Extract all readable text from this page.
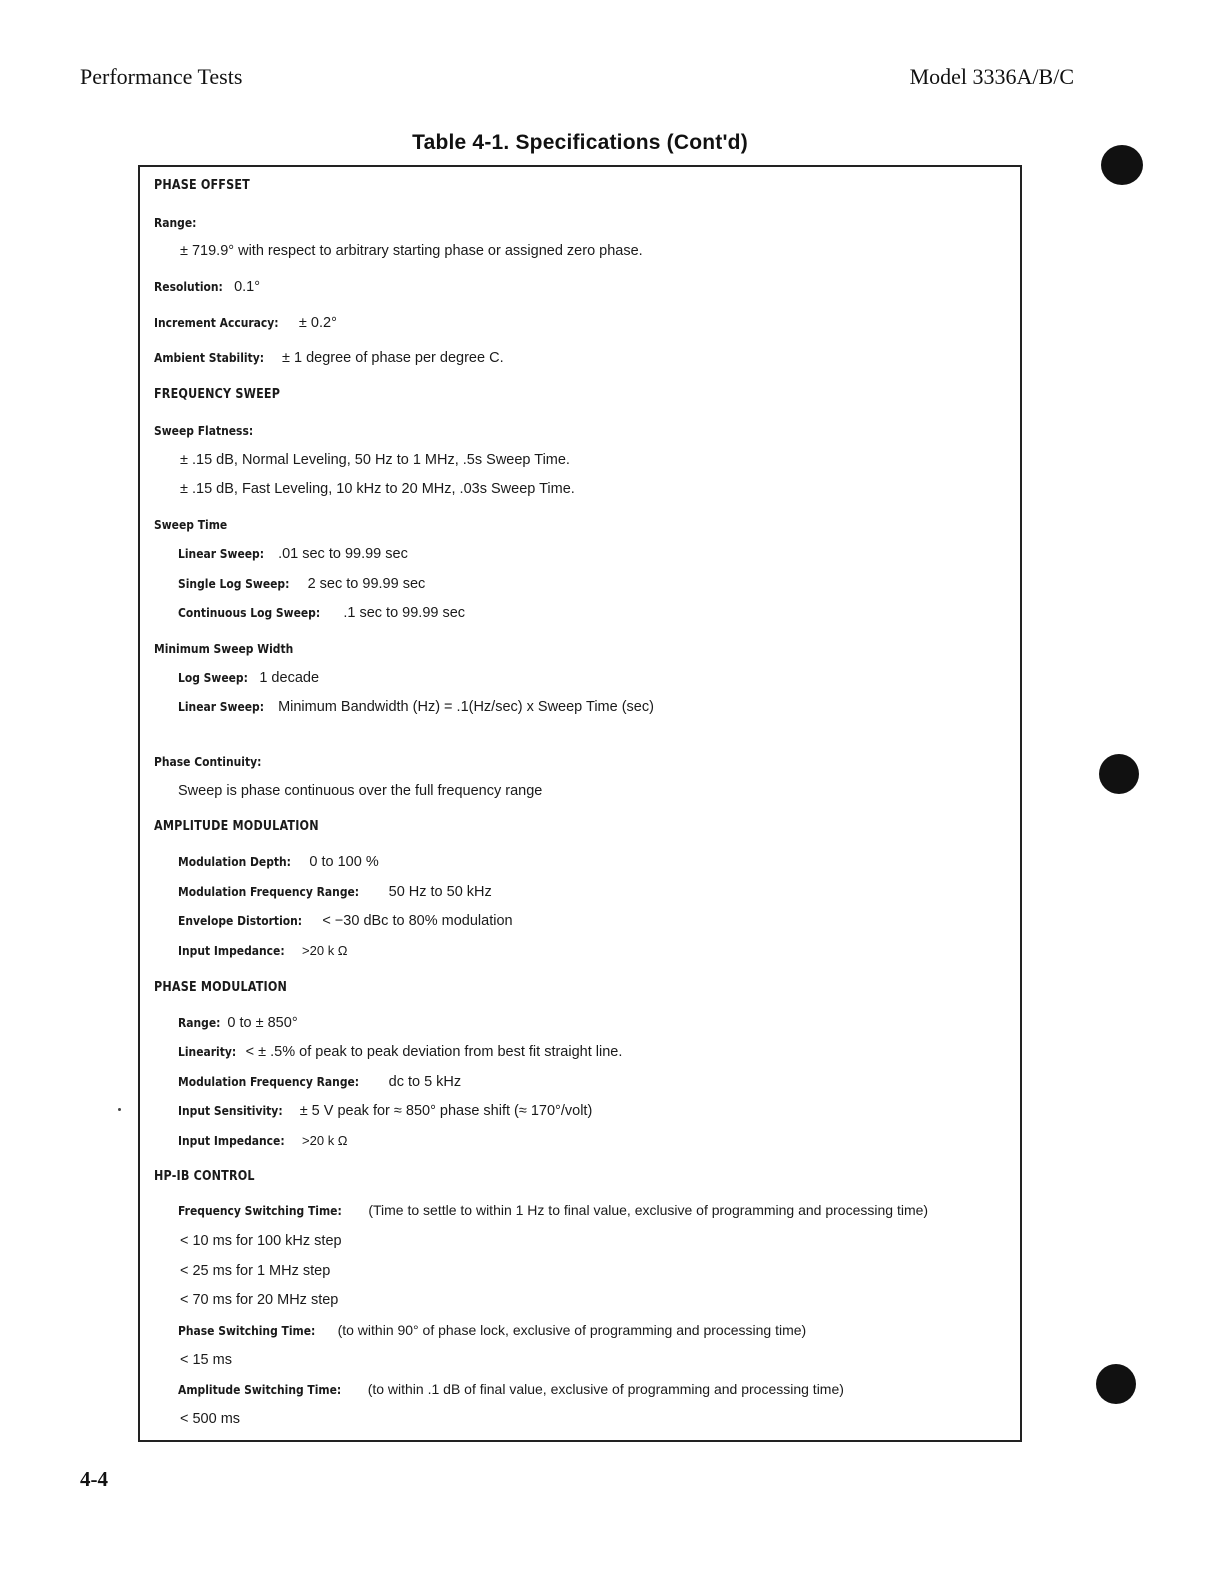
Performance Tests	Model 3336A/B/C
Table 4-1. Specifications (Cont'd)
PHASE OFFSET
Range:
± 719.9° with respect to arbitrary starting phase or assigned zero phase.
Resolution: 0.1°
Increment Accuracy: ± 0.2°
Ambient Stability: ± 1 degree of phase per degree C.
FREQUENCY SWEEP
Sweep Flatness:
± .15 dB, Normal Leveling, 50 Hz to 1 MHz, .5s Sweep Time.
± .15 dB, Fast Leveling, 10 kHz to 20 MHz, .03s Sweep Time.
Sweep Time
Linear Sweep: .01 sec to 99.99 sec
Single Log Sweep: 2 sec to 99.99 sec
Continuous Log Sweep: .1 sec to 99.99 sec
Minimum Sweep Width
Log Sweep: 1 decade
Linear Sweep: Minimum Bandwidth (Hz) = .1(Hz/sec) x Sweep Time (sec)
Phase Continuity:
Sweep is phase continuous over the full frequency range
AMPLITUDE MODULATION
Modulation Depth: 0 to 100 %
Modulation Frequency Range: 50 Hz to 50 kHz
Envelope Distortion: < −30 dBc to 80% modulation
Input Impedance: >20 k Ω
PHASE MODULATION
Range: 0 to ± 850°
Linearity: < ± .5% of peak to peak deviation from best fit straight line.
Modulation Frequency Range: dc to 5 kHz
Input Sensitivity: ± 5 V peak for ≈ 850° phase shift (≈ 170°/volt)
Input Impedance: >20 k Ω
HP-IB CONTROL
Frequency Switching Time: (Time to settle to within 1 Hz to final value, exclusive of programming and processing time)
< 10 ms for 100 kHz step
< 25 ms for 1 MHz step
< 70 ms for 20 MHz step
Phase Switching Time: (to within 90° of phase lock, exclusive of programming and processing time)
< 15 ms
Amplitude Switching Time: (to within .1 dB of final value, exclusive of programming and processing time)
< 500 ms
4-4
